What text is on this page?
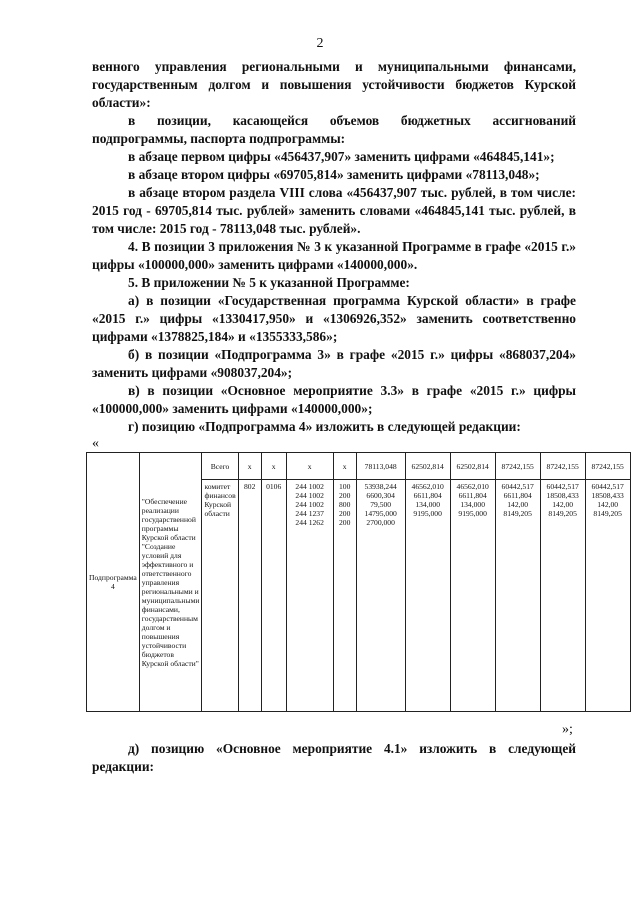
2

венного управления региональными и муниципальными финансами, государственным долгом и повышения устойчивости бюджетов Курской области»:

в позиции, касающейся объемов бюджетных ассигнований подпрограммы, паспорта подпрограммы:

в абзаце первом цифры «456437,907» заменить цифрами «464845,141»;

в абзаце втором цифры «69705,814» заменить цифрами «78113,048»;

в абзаце втором раздела VIII слова «456437,907 тыс. рублей, в том числе: 2015 год - 69705,814 тыс. рублей» заменить словами «464845,141 тыс. рублей, в том числе: 2015 год - 78113,048 тыс. рублей».

4. В позиции 3 приложения № 3 к указанной Программе в графе «2015 г.» цифры «100000,000» заменить цифрами «140000,000».

5. В приложении № 5 к указанной Программе:

а) в позиции «Государственная программа Курской области» в графе «2015 г.» цифры «1330417,950» и «1306926,352» заменить соответственно цифрами «1378825,184» и «1355333,586»;

б) в позиции «Подпрограмма 3» в графе «2015 г.» цифры «868037,204» заменить цифрами «908037,204»;

в) в позиции «Основное мероприятие 3.3» в графе «2015 г.» цифры «100000,000» заменить цифрами «140000,000»;

г) позицию «Подпрограмма 4» изложить в следующей редакции:

«
Подпрограмма 4	"Обеспечение реализации государственной программы Курской области "Создание условий для эффективного и ответственного управления региональными и муниципальными финансами, государственным долгом и повышения устойчивости бюджетов Курской области"	Всего	x	x	x	x	78113,048	62502,814	62502,814	87242,155	87242,155	87242,155
		комитет финансов Курской области	802	0106	244 1002
244 1002
244 1002
244 1237
244 1262	100
200
800
200
200	53938,244
6600,304
79,500
14795,000
2700,000	46562,010
6611,804
134,000
9195,000	46562,010
6611,804
134,000
9195,000	60442,517
6611,804
142,00
8149,205	60442,517
18508,433
142,00
8149,205	60442,517
18508,433
142,00
8149,205
»;

д) позицию «Основное мероприятие 4.1» изложить в следующей редакции:
